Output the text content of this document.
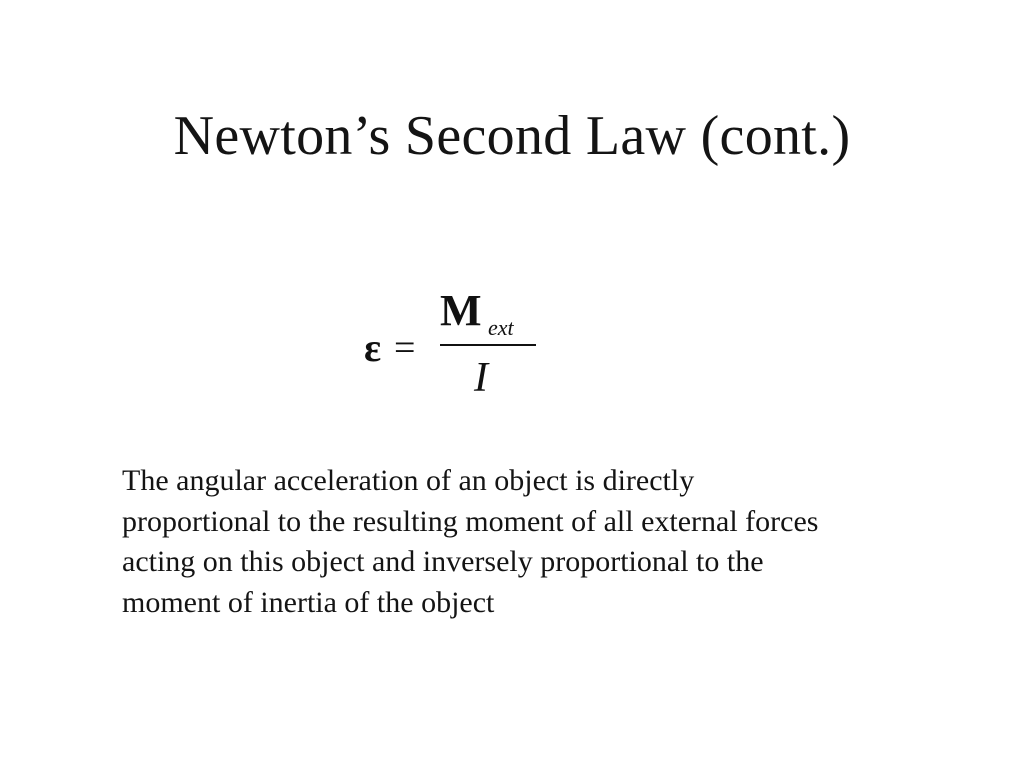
Newton’s Second Law (cont.)
ε =
M ext
I
The angular acceleration of an object is directly
proportional to the resulting moment of all external forces
acting on this object and inversely proportional to the
moment of inertia of the object
